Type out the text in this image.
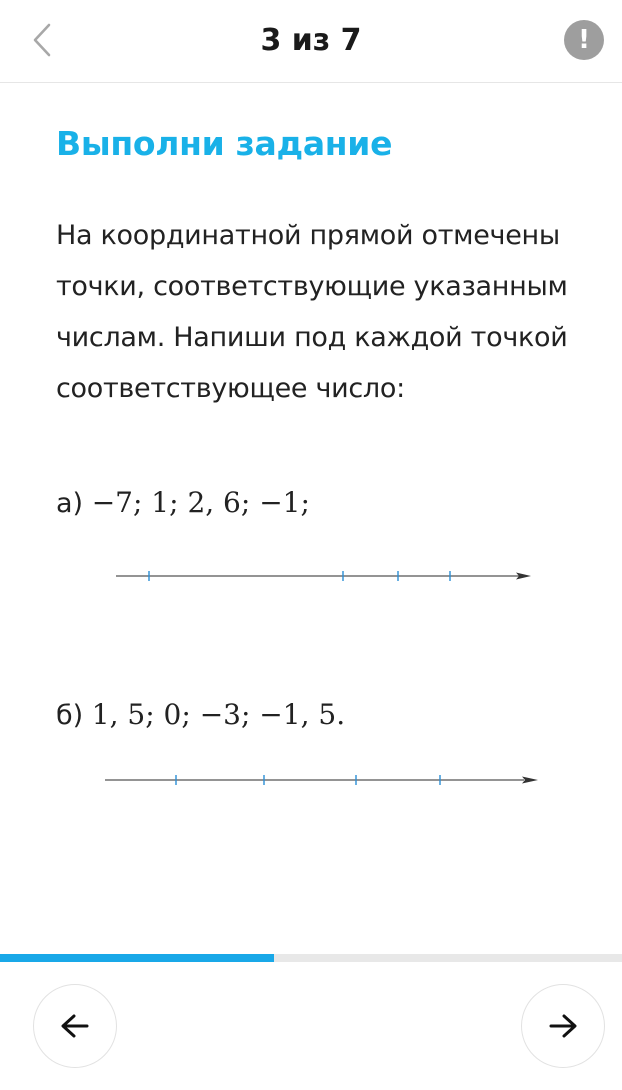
3 из 7	!
Выполни задание
На координатной прямой отмечены точки, соответствующие указанным числам. Напиши под каждой точкой соответствующее число:
а) −7; 1; 2, 6; −1;
б) 1, 5; 0; −3; −1, 5.
